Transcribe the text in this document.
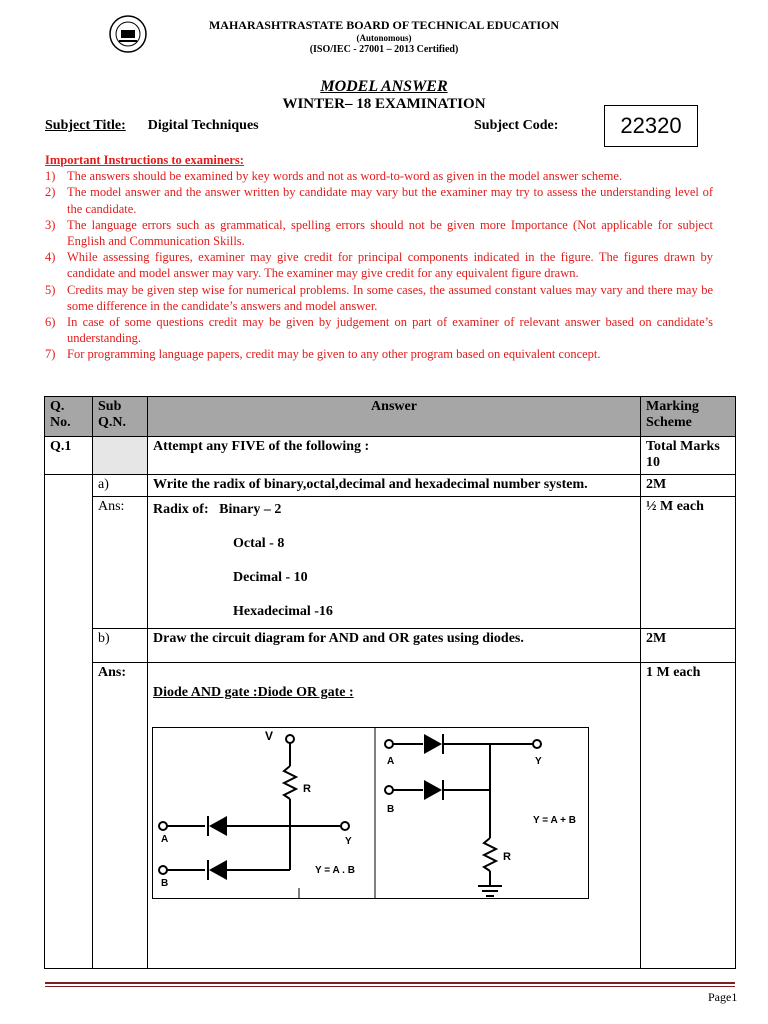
MAHARASHTRASTATE BOARD OF TECHNICAL EDUCATION
(Autonomous)
(ISO/IEC - 27001 – 2013 Certified)
MODEL ANSWER
WINTER– 18 EXAMINATION
Subject Title: Digital Techniques	Subject Code:	22320
Important Instructions to examiners:
1) The answers should be examined by key words and not as word-to-word as given in the model answer scheme.
2) The model answer and the answer written by candidate may vary but the examiner may try to assess the understanding level of the candidate.
3) The language errors such as grammatical, spelling errors should not be given more Importance (Not applicable for subject English and Communication Skills.
4) While assessing figures, examiner may give credit for principal components indicated in the figure. The figures drawn by candidate and model answer may vary. The examiner may give credit for any equivalent figure drawn.
5) Credits may be given step wise for numerical problems. In some cases, the assumed constant values may vary and there may be some difference in the candidate’s answers and model answer.
6) In case of some questions credit may be given by judgement on part of examiner of relevant answer based on candidate’s understanding.
7) For programming language papers, credit may be given to any other program based on equivalent concept.
Q. No.	Sub Q.N.	Answer	Marking Scheme
Q.1		Attempt any FIVE of the following :	Total Marks 10
	a)	Write the radix of binary,octal,decimal and hexadecimal number system.	2M
	Ans:	Radix of: Binary – 2
Octal - 8
Decimal - 10
Hexadecimal -16	½ M each
	b)	Draw the circuit diagram for AND and OR gates using diodes.	2M
	Ans:	Diode AND gate :Diode OR gate :	1 M each
V
R
A
B
Y
Y = A . B
A
B
Y
Y = A + B
R
Page1
